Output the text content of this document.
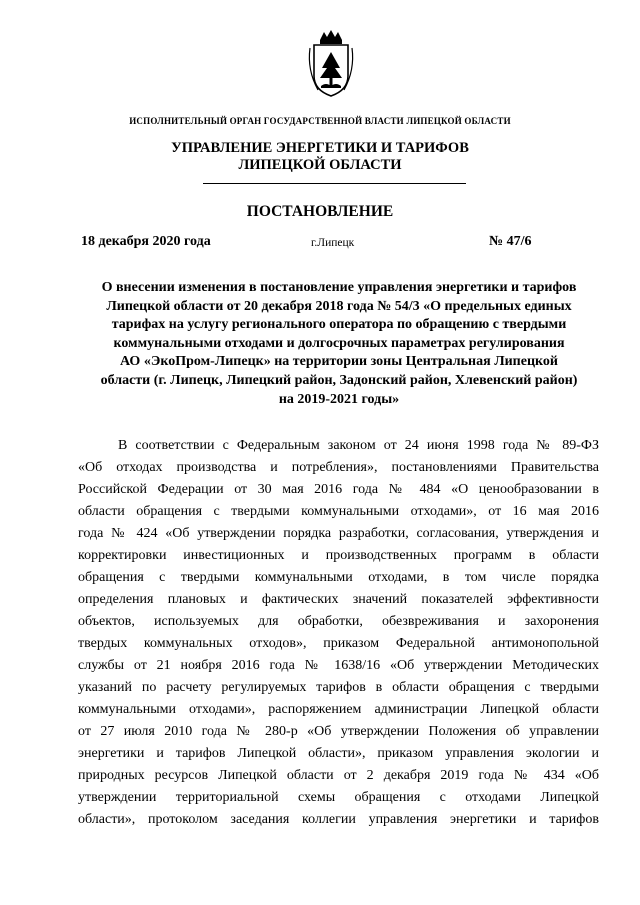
ИСПОЛНИТЕЛЬНЫЙ ОРГАН ГОСУДАРСТВЕННОЙ ВЛАСТИ ЛИПЕЦКОЙ ОБЛАСТИ
УПРАВЛЕНИЕ ЭНЕРГЕТИКИ И ТАРИФОВ
ЛИПЕЦКОЙ ОБЛАСТИ
ПОСТАНОВЛЕНИЕ
18 декабря 2020 года	г.Липецк	№ 47/6
О внесении изменения в постановление управления энергетики и тарифов
Липецкой области от 20 декабря 2018 года № 54/3 «О предельных единых
тарифах на услугу регионального оператора по обращению с твердыми
коммунальными отходами и долгосрочных параметрах регулирования
АО «ЭкоПром-Липецк» на территории зоны Центральная Липецкой
области (г. Липецк, Липецкий район, Задонский район, Хлевенский район)
на 2019-2021 годы»
В соответствии с Федеральным законом от 24 июня 1998 года № 89-ФЗ
«Об отходах производства и потребления», постановлениями Правительства
Российской Федерации от 30 мая 2016 года № 484 «О ценообразовании в
области обращения с твердыми коммунальными отходами», от 16 мая 2016
года № 424 «Об утверждении порядка разработки, согласования, утверждения и
корректировки инвестиционных и производственных программ в области
обращения с твердыми коммунальными отходами, в том числе порядка
определения плановых и фактических значений показателей эффективности
объектов, используемых для обработки, обезвреживания и захоронения
твердых коммунальных отходов», приказом Федеральной антимонопольной
службы от 21 ноября 2016 года № 1638/16 «Об утверждении Методических
указаний по расчету регулируемых тарифов в области обращения с твердыми
коммунальными отходами», распоряжением администрации Липецкой области
от 27 июля 2010 года № 280-р «Об утверждении Положения об управлении
энергетики и тарифов Липецкой области», приказом управления экологии и
природных ресурсов Липецкой области от 2 декабря 2019 года № 434 «Об
утверждении территориальной схемы обращения с отходами Липецкой
области», протоколом заседания коллегии управления энергетики и тарифов
